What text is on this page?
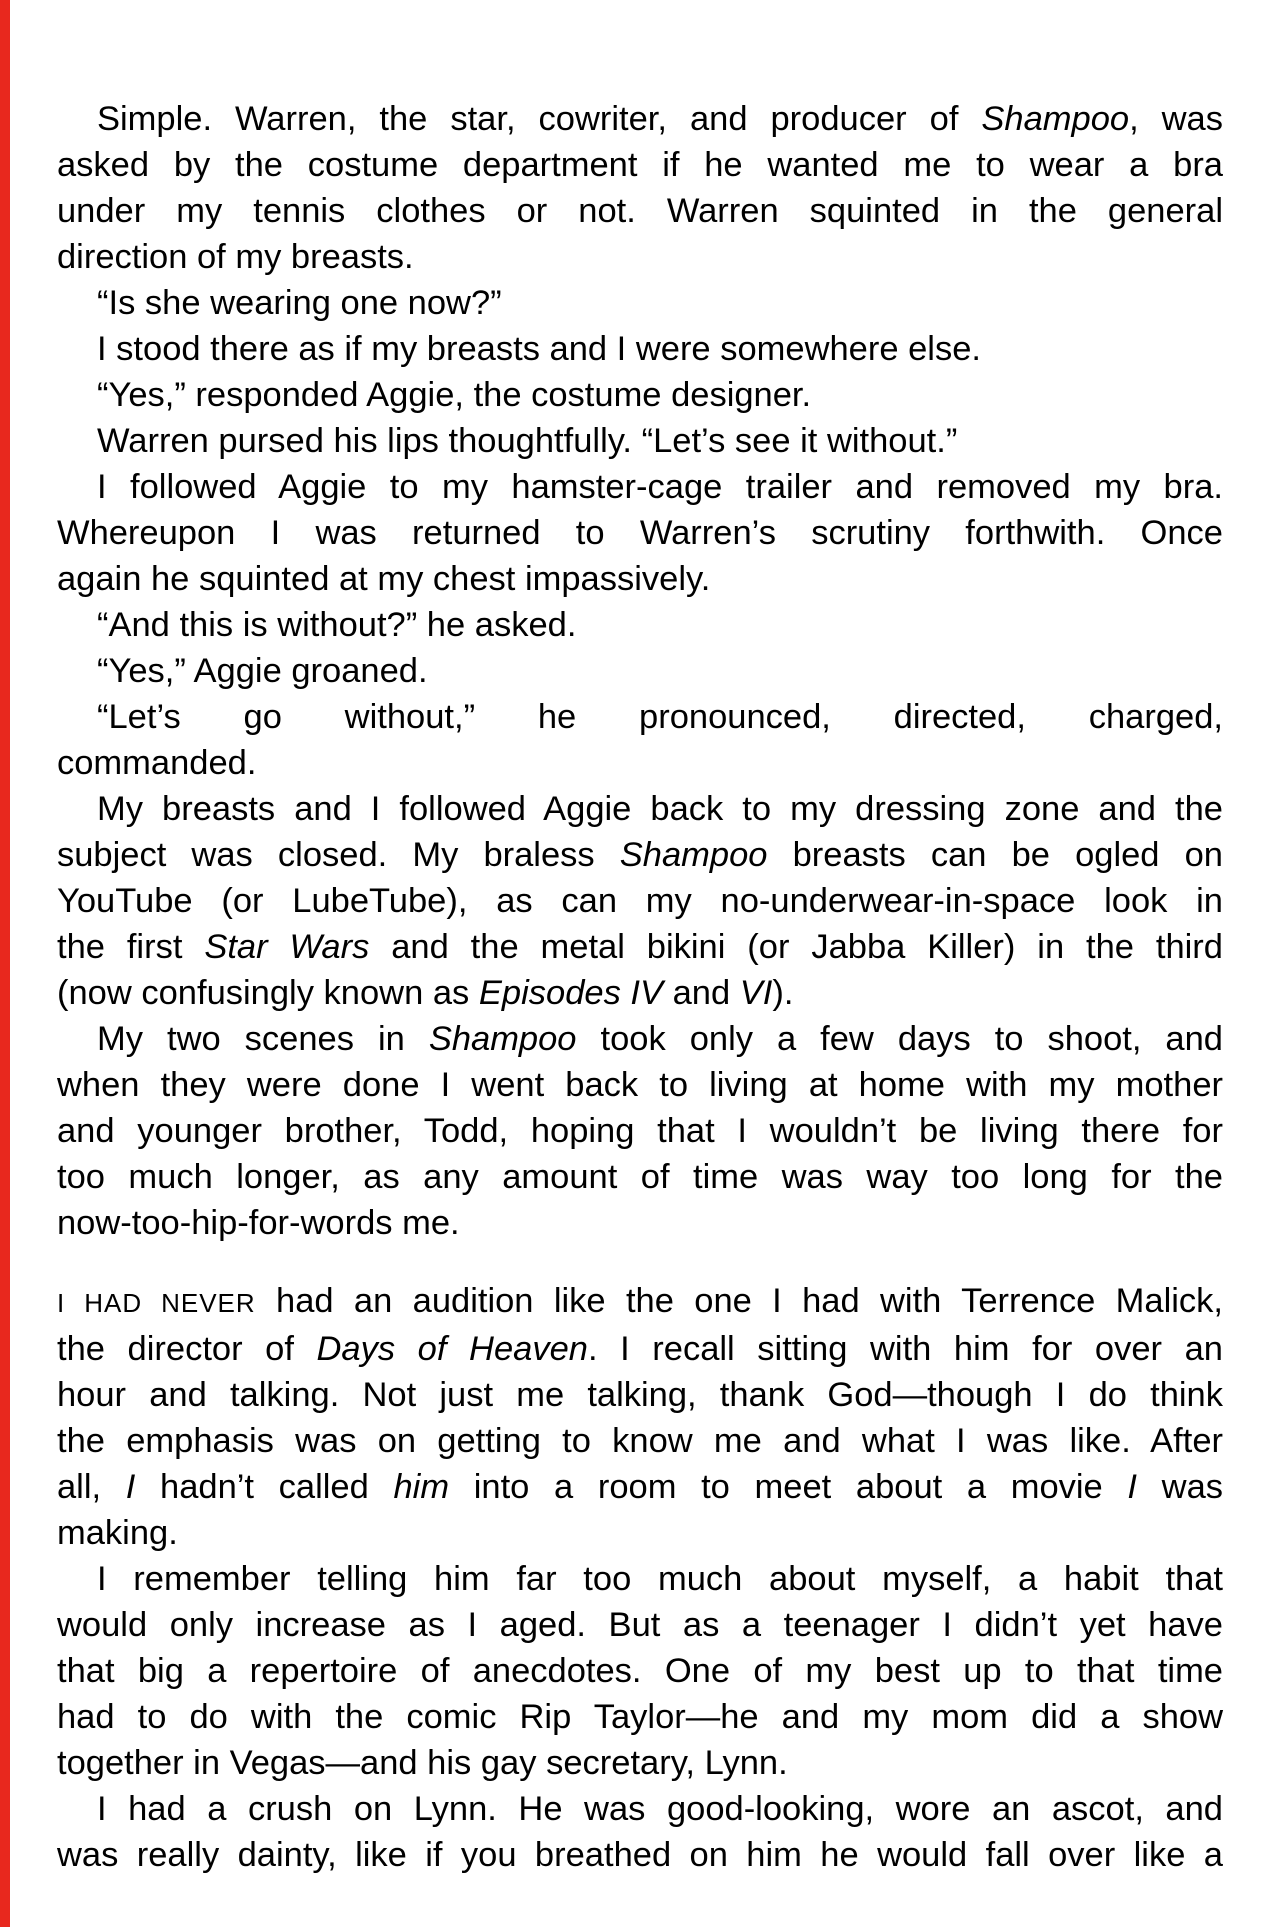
Simple. Warren, the star, cowriter, and producer of Shampoo, was
asked by the costume department if he wanted me to wear a bra
under my tennis clothes or not. Warren squinted in the general
direction of my breasts.
“Is she wearing one now?”
I stood there as if my breasts and I were somewhere else.
“Yes,” responded Aggie, the costume designer.
Warren pursed his lips thoughtfully. “Let’s see it without.”
I followed Aggie to my hamster-cage trailer and removed my bra.
Whereupon I was returned to Warren’s scrutiny forthwith. Once
again he squinted at my chest impassively.
“And this is without?” he asked.
“Yes,” Aggie groaned.
“Let’s go without,” he pronounced, directed, charged,
commanded.
My breasts and I followed Aggie back to my dressing zone and the
subject was closed. My braless Shampoo breasts can be ogled on
YouTube (or LubeTube), as can my no-underwear-in-space look in
the first Star Wars and the metal bikini (or Jabba Killer) in the third
(now confusingly known as Episodes IV and VI).
My two scenes in Shampoo took only a few days to shoot, and
when they were done I went back to living at home with my mother
and younger brother, Todd, hoping that I wouldn’t be living there for
too much longer, as any amount of time was way too long for the
now-too-hip-for-words me.
I HAD NEVER had an audition like the one I had with Terrence Malick,
the director of Days of Heaven. I recall sitting with him for over an
hour and talking. Not just me talking, thank God—though I do think
the emphasis was on getting to know me and what I was like. After
all, I hadn’t called him into a room to meet about a movie I was
making.
I remember telling him far too much about myself, a habit that
would only increase as I aged. But as a teenager I didn’t yet have
that big a repertoire of anecdotes. One of my best up to that time
had to do with the comic Rip Taylor—he and my mom did a show
together in Vegas—and his gay secretary, Lynn.
I had a crush on Lynn. He was good-looking, wore an ascot, and
was really dainty, like if you breathed on him he would fall over like a
